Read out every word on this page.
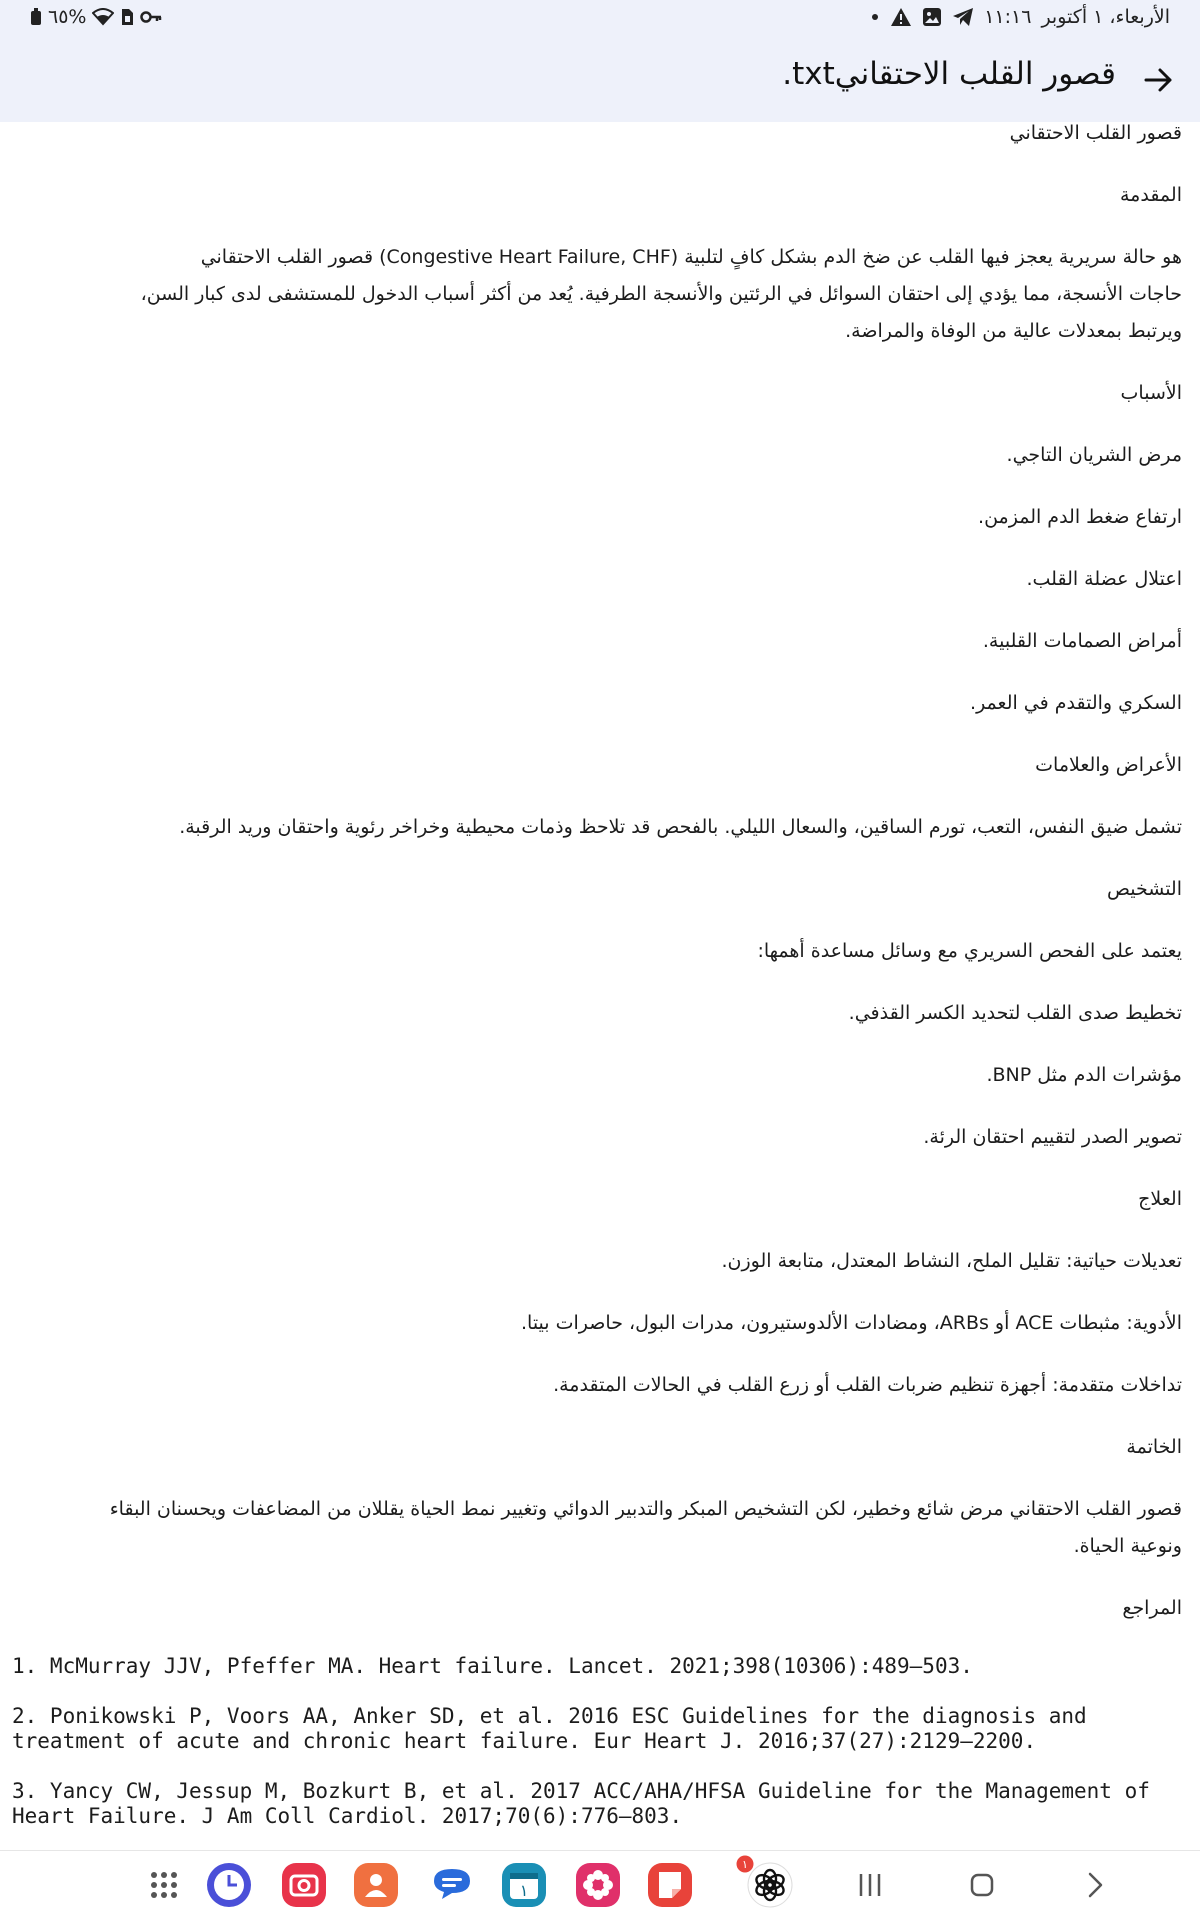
٦٥%	الأربعاء، ١ أكتوبر
١١:١٦
قصور القلب الاحتقاني.txt
قصور القلب الاحتقاني
المقدمة
هو حالة سريرية يعجز فيها القلب عن ضخ الدم بشكل كافٍ لتلبية (Congestive Heart Failure, CHF) قصور القلب الاحتقاني
حاجات الأنسجة، مما يؤدي إلى احتقان السوائل في الرئتين والأنسجة الطرفية. يُعد من أكثر أسباب الدخول للمستشفى لدى كبار السن،
ويرتبط بمعدلات عالية من الوفاة والمراضة.
الأسباب
مرض الشريان التاجي.
ارتفاع ضغط الدم المزمن.
اعتلال عضلة القلب.
أمراض الصمامات القلبية.
السكري والتقدم في العمر.
الأعراض والعلامات
تشمل ضيق النفس، التعب، تورم الساقين، والسعال الليلي. بالفحص قد تلاحظ وذمات محيطية وخراخر رئوية واحتقان وريد الرقبة.
التشخيص
يعتمد على الفحص السريري مع وسائل مساعدة أهمها:
تخطيط صدى القلب لتحديد الكسر القذفي.
مؤشرات الدم مثل BNP.
تصوير الصدر لتقييم احتقان الرئة.
العلاج
تعديلات حياتية: تقليل الملح، النشاط المعتدل، متابعة الوزن.
الأدوية: مثبطات ACE أو ARBs، ومضادات الألدوستيرون، مدرات البول، حاصرات بيتا.
تداخلات متقدمة: أجهزة تنظيم ضربات القلب أو زرع القلب في الحالات المتقدمة.
الخاتمة
قصور القلب الاحتقاني مرض شائع وخطير، لكن التشخيص المبكر والتدبير الدوائي وتغيير نمط الحياة يقللان من المضاعفات ويحسنان البقاء
ونوعية الحياة.
المراجع
1. McMurray JJV, Pfeffer MA. Heart failure. Lancet. 2021;398(10306):489–503.
2. Ponikowski P, Voors AA, Anker SD, et al. 2016 ESC Guidelines for the diagnosis and
treatment of acute and chronic heart failure. Eur Heart J. 2016;37(27):2129–2200.
3. Yancy CW, Jessup M, Bozkurt B, et al. 2017 ACC/AHA/HFSA Guideline for the Management of
Heart Failure. J Am Coll Cardiol. 2017;70(6):776–803.
١
١
